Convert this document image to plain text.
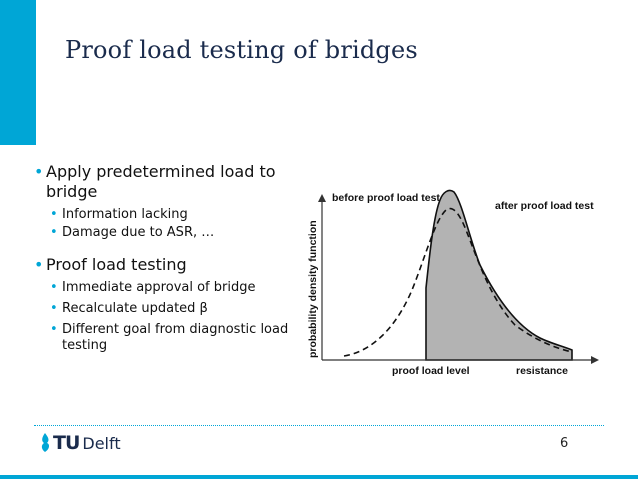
Proof load testing of bridges
• Apply predetermined load to bridge
• Information lacking
• Damage due to ASR, …
• Proof load testing
• Immediate approval of bridge
• Recalculate updated β
• Different goal from diagnostic load testing	probability density function
before proof load test
after proof load test
proof load level	resistance
TU Delft	6
